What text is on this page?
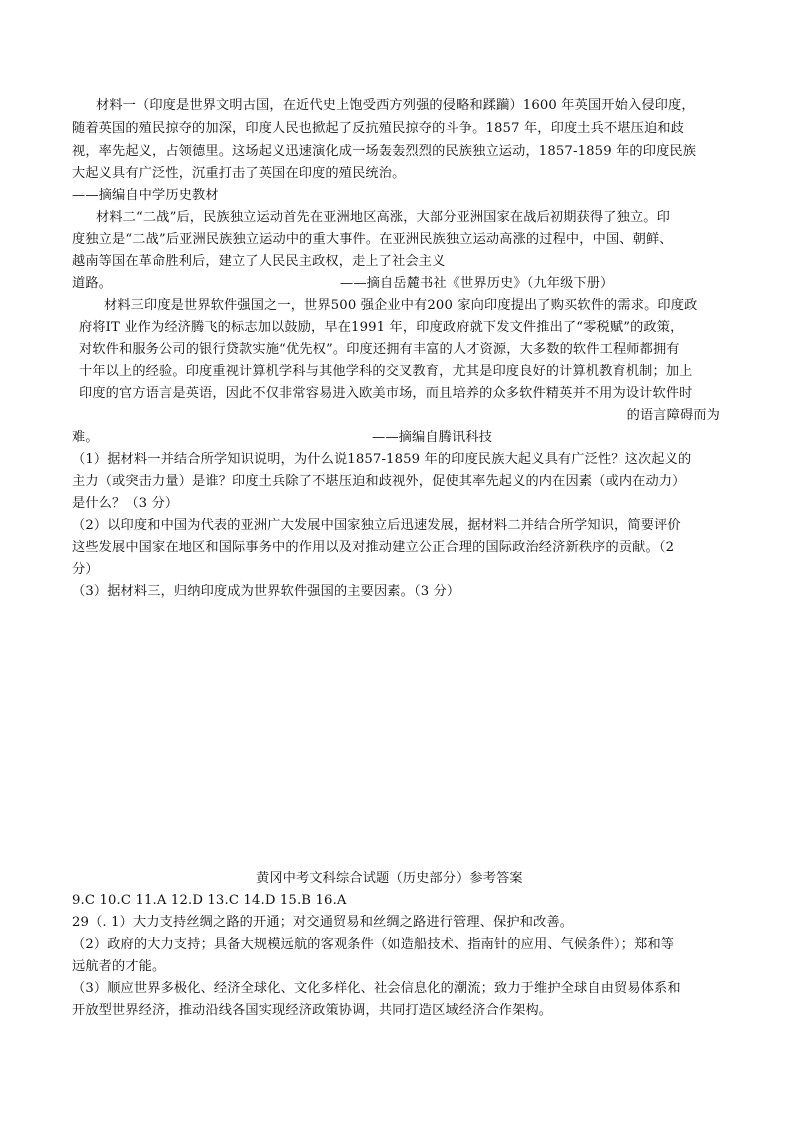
材料一（印度是世界文明古国，在近代史上饱受西方列强的侵略和蹂躏）1600 年英国开始入侵印度，
随着英国的殖民掠夺的加深，印度人民也掀起了反抗殖民掠夺的斗争。1857 年，印度土兵不堪压迫和歧
视，率先起义，占领德里。这场起义迅速演化成一场轰轰烈烈的民族独立运动，1857-1859 年的印度民族
大起义具有广泛性，沉重打击了英国在印度的殖民统治。
——摘编自中学历史教材
材料二“二战”后，民族独立运动首先在亚洲地区高涨，大部分亚洲国家在战后初期获得了独立。印
度独立是“二战”后亚洲民族独立运动中的重大事件。在亚洲民族独立运动高涨的过程中，中国、朝鲜、
越南等国在革命胜利后，建立了人民民主政权，走上了社会主义
道路。	——摘自岳麓书社《世界历史》（九年级下册）
材料三印度是世界软件强国之一，世界500 强企业中有200 家向印度提出了购买软件的需求。印度政
府将IT 业作为经济腾飞的标志加以鼓励，早在1991 年，印度政府就下发文件推出了“零税赋”的政策，
对软件和服务公司的银行贷款实施“优先权”。印度还拥有丰富的人才资源，大多数的软件工程师都拥有
十年以上的经验。印度重视计算机学科与其他学科的交叉教育，尤其是印度良好的计算机教育机制；加上
印度的官方语言是英语，因此不仅非常容易进入欧美市场，而且培养的众多软件精英并不用为设计软件时
的语言障碍而为
难。	——摘编自腾讯科技
（1）据材料一并结合所学知识说明，为什么说1857-1859 年的印度民族大起义具有广泛性？这次起义的
主力（或突击力量）是谁？印度土兵除了不堪压迫和歧视外，促使其率先起义的内在因素（或内在动力）
是什么？（3 分）
（2）以印度和中国为代表的亚洲广大发展中国家独立后迅速发展，据材料二并结合所学知识，简要评价
这些发展中国家在地区和国际事务中的作用以及对推动建立公正合理的国际政治经济新秩序的贡献。（2
分）
（3）据材料三，归纳印度成为世界软件强国的主要因素。（3 分）
黄冈中考文科综合试题（历史部分）参考答案
9.C 10.C 11.A 12.D 13.C 14.D 15.B 16.A
29（. 1）大力支持丝绸之路的开通；对交通贸易和丝绸之路进行管理、保护和改善。
（2）政府的大力支持；具备大规模远航的客观条件（如造船技术、指南针的应用、气候条件）；郑和等
远航者的才能。
（3）顺应世界多极化、经济全球化、文化多样化、社会信息化的潮流；致力于维护全球自由贸易体系和
开放型世界经济，推动沿线各国实现经济政策协调，共同打造区域经济合作架构。
